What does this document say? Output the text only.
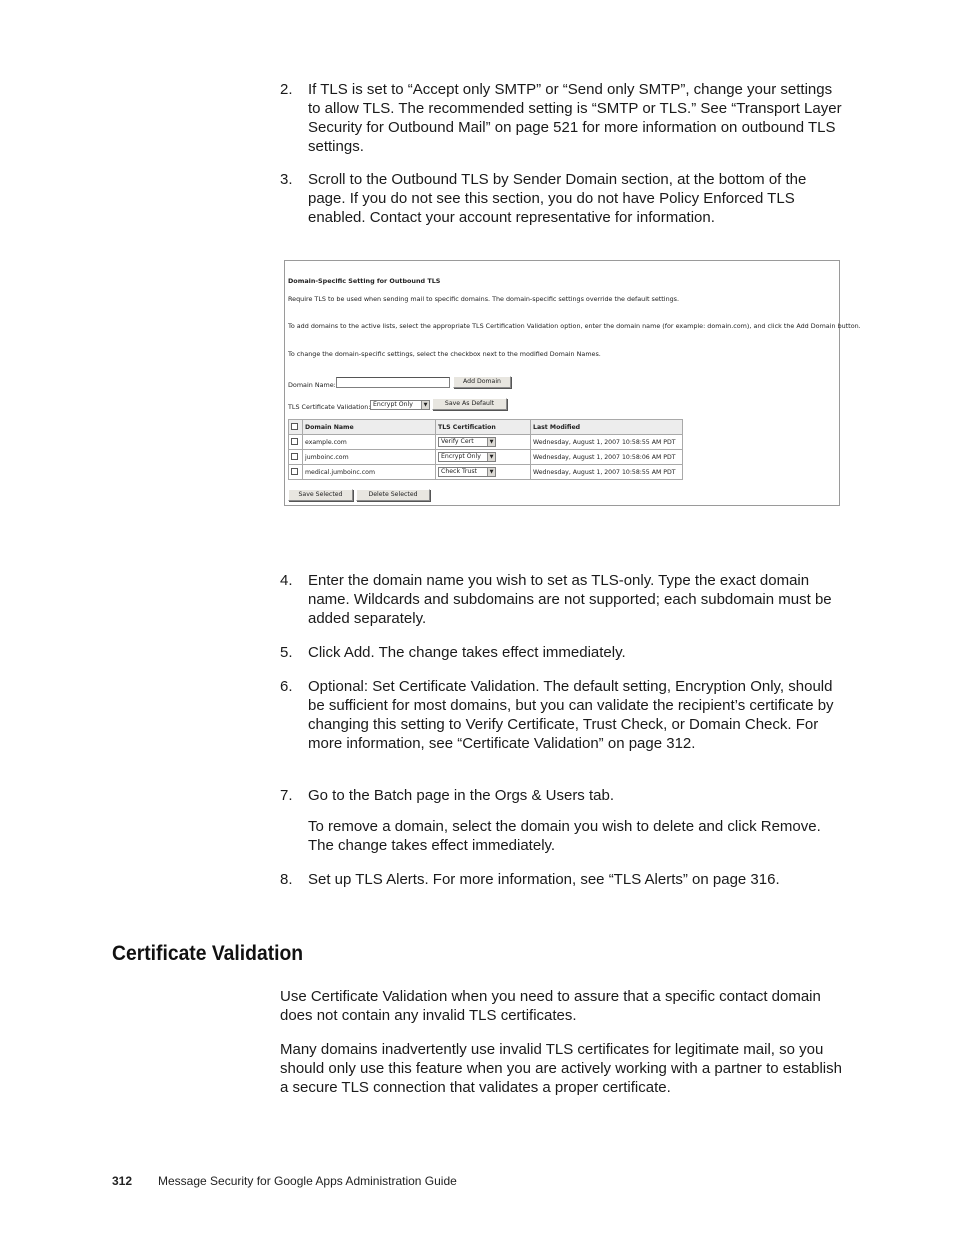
2. If TLS is set to “Accept only SMTP” or “Send only SMTP”, change your settings to allow TLS. The recommended setting is “SMTP or TLS.” See “Transport Layer Security for Outbound Mail” on page 521 for more information on outbound TLS settings.
3. Scroll to the Outbound TLS by Sender Domain section, at the bottom of the page. If you do not see this section, you do not have Policy Enforced TLS enabled. Contact your account representative for information.
Domain-Specific Setting for Outbound TLS
Require TLS to be used when sending mail to specific domains. The domain-specific settings override the default settings.
To add domains to the active lists, select the appropriate TLS Certification Validation option, enter the domain name (for example: domain.com), and click the Add Domain button.
To change the domain-specific settings, select the checkbox next to the modified Domain Names.
Domain Name:	Add Domain
TLS Certificate Validation: Encrypt Only	▼	Save As Default
	Domain Name	TLS Certification	Last Modified
	example.com	Verify Cert ▼	Wednesday, August 1, 2007 10:58:55 AM PDT
	jumboinc.com	Encrypt Only ▼	Wednesday, August 1, 2007 10:58:06 AM PDT
	medical.jumboinc.com	Check Trust ▼	Wednesday, August 1, 2007 10:58:55 AM PDT
Save Selected	Delete Selected
4. Enter the domain name you wish to set as TLS-only. Type the exact domain name. Wildcards and subdomains are not supported; each subdomain must be added separately.
5. Click Add. The change takes effect immediately.
6. Optional: Set Certificate Validation. The default setting, Encryption Only, should be sufficient for most domains, but you can validate the recipient’s certificate by changing this setting to Verify Certificate, Trust Check, or Domain Check. For more information, see “Certificate Validation” on page 312.
7. Go to the Batch page in the Orgs & Users tab.
To remove a domain, select the domain you wish to delete and click Remove. The change takes effect immediately.
8. Set up TLS Alerts. For more information, see “TLS Alerts” on page 316.
Certificate Validation
Use Certificate Validation when you need to assure that a specific contact domain does not contain any invalid TLS certificates.
Many domains inadvertently use invalid TLS certificates for legitimate mail, so you should only use this feature when you are actively working with a partner to establish a secure TLS connection that validates a proper certificate.
312 Message Security for Google Apps Administration Guide
